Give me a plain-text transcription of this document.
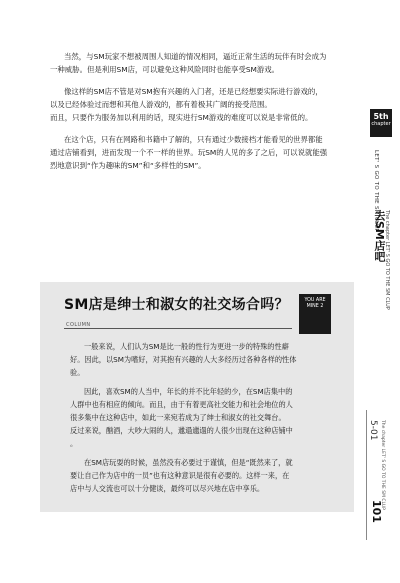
当然，与SM玩家不想被周围人知道的情况相同，逼近正常生活的玩伴有时会成为
一种威胁。但是利用SM店，可以避免这种风险同时也能享受SM游戏。

像这样的SM店不管是对SM抱有兴趣的入门者，还是已经想要实际进行游戏的，
以及已经体验过而想和其他人游戏的，都有着极其广阔的接受范围。
而且，只要作为服务加以利用的话，现实进行SM游戏的难度可以说是非常低的。

在这个店，只有在网路和书籍中了解的，只有通过少数接档才能看见的世界都能
通过店铺看到，进而发现一个不一样的世界。玩SM的人见的多了之后，可以说就能强
烈地意识到“作为趣味的SM”和“多样性的SM”。

5th
chapter
LET' S GO TO THE SM CLUP
去SM店吧
The chapter LET' S GO TO THE SM CLUP
5-01 The chapter LET' S GO TO THE SM CLUP
101
SM店是绅士和淑女的社交场合吗？	YOU ARE MINE 2
COLUMN

一般来说，人们认为SM是比一般的性行为更进一步的特殊的性癖
好。因此，以SM为嗜好，对其抱有兴趣的人大多经历过各种各样的性体
验。

因此，喜欢SM的人当中，年长的并不比年轻的少，在SM店集中的
人群中也有相应的倾向。而且，由于有着更高社交能力和社会地位的人
很多集中在这种店中，如此一来宛若成为了绅士和淑女的社交舞台。
反过来说，酗酒，大吵大闹的人，邋遢邋遢的人很少出现在这种店铺中
。

在SM店玩耍的时候，虽然没有必要过于谨慎，但是“既然来了，就
要让自己作为店中的一员”也有这种意识是很有必要的。这样一来，在
店中与人交流也可以十分健谈，最终可以尽兴地在店中享乐。
